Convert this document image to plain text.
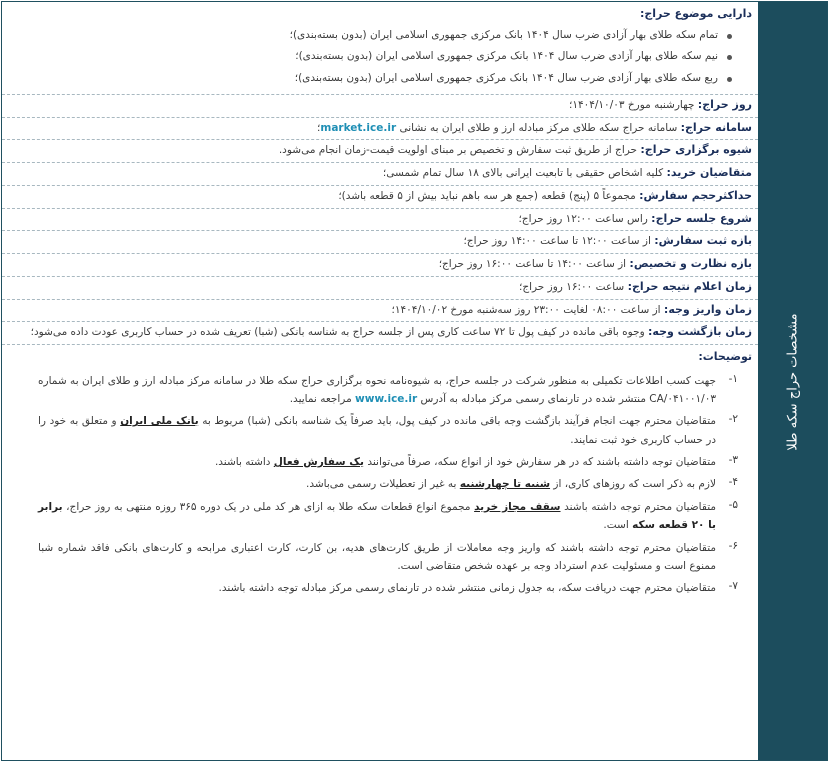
مشخصات حراج سکه طلا
دارایی موضوع حراج:
تمام سکه طلای بهار آزادی ضرب سال ۱۴۰۴ بانک مرکزی جمهوری اسلامی ایران (بدون بسته‌بندی)؛
نیم سکه طلای بهار آزادی ضرب سال ۱۴۰۴ بانک مرکزی جمهوری اسلامی ایران (بدون بسته‌بندی)؛
ربع سکه طلای بهار آزادی ضرب سال ۱۴۰۴ بانک مرکزی جمهوری اسلامی ایران (بدون بسته‌بندی)؛
روز حراج: چهارشنبه مورخ ۱۴۰۴/۱۰/۰۳؛
سامانه حراج: سامانه حراج سکه طلای مرکز مبادله ارز و طلای ایران به نشانی market.ice.ir؛
شیوه برگزاری حراج: حراج از طریق ثبت سفارش و تخصیص بر مبنای اولویت قیمت-زمان انجام می‌شود.
متقاضیان خرید: کلیه اشخاص حقیقی با تابعیت ایرانی بالای ۱۸ سال تمام شمسی؛
حداکثرحجم سفارش: مجموعاً ۵ (پنج) قطعه (جمع هر سه باهم نباید بیش از ۵ قطعه باشد)؛
شروع جلسه حراج: راس ساعت ۱۲:۰۰ روز حراج؛
بازه ثبت سفارش: از ساعت ۱۲:۰۰ تا ساعت ۱۴:۰۰ روز حراج؛
بازه نظارت و تخصیص: از ساعت ۱۴:۰۰ تا ساعت ۱۶:۰۰ روز حراج؛
زمان اعلام نتیجه حراج: ساعت ۱۶:۰۰ روز حراج؛
زمان واریز وجه: از ساعت ۰۸:۰۰ لغایت ۲۳:۰۰ روز سه‌شنبه مورخ ۱۴۰۴/۱۰/۰۲؛
زمان بازگشت وجه: وجوه باقی مانده در کیف پول تا ۷۲ ساعت کاری پس از جلسه حراج به شناسه بانکی (شبا) تعریف شده در حساب کاربری عودت داده می‌شود؛
توضیحات:
۱-
جهت کسب اطلاعات تکمیلی به منظور شرکت در جلسه حراج، به شیوه‌نامه نحوه برگزاری حراج سکه طلا در سامانه مرکز مبادله ارز و طلای ایران به شماره CA/۰۴۱۰۰۱/۰۳ منتشر شده در تارنمای رسمی مرکز مبادله به آدرس www.ice.ir مراجعه نمایید.
۲-
متقاضیان محترم جهت انجام فرآیند بازگشت وجه باقی مانده در کیف پول، باید صرفاً یک شناسه بانکی (شبا) مربوط به بانک ملی ایران و متعلق به خود را در حساب کاربری خود ثبت نمایند.
۳-
متقاضیان توجه داشته باشند که در هر سفارش خود از انواع سکه، صرفاً می‌توانند یک سفارش فعال داشته باشند.
۴-
لازم به ذکر است که روزهای کاری، از شنبه تا چهارشنبه به غیر از تعطیلات رسمی می‌باشد.
۵-
متقاضیان محترم توجه داشته باشند سقف مجاز خرید مجموع انواع قطعات سکه طلا به ازای هر کد ملی در یک دوره ۳۶۵ روزه منتهی به روز حراج، برابر با ۲۰ قطعه سکه است.
۶-
متقاضیان محترم توجه داشته باشند که واریز وجه معاملات از طریق کارت‌های هدیه، بن کارت، کارت اعتباری مرابحه و کارت‌های بانکی فاقد شماره شبا ممنوع است و مسئولیت عدم استرداد وجه بر عهده شخص متقاضی است.
۷-
متقاضیان محترم جهت دریافت سکه، به جدول زمانی منتشر شده در تارنمای رسمی مرکز مبادله توجه داشته باشند.
